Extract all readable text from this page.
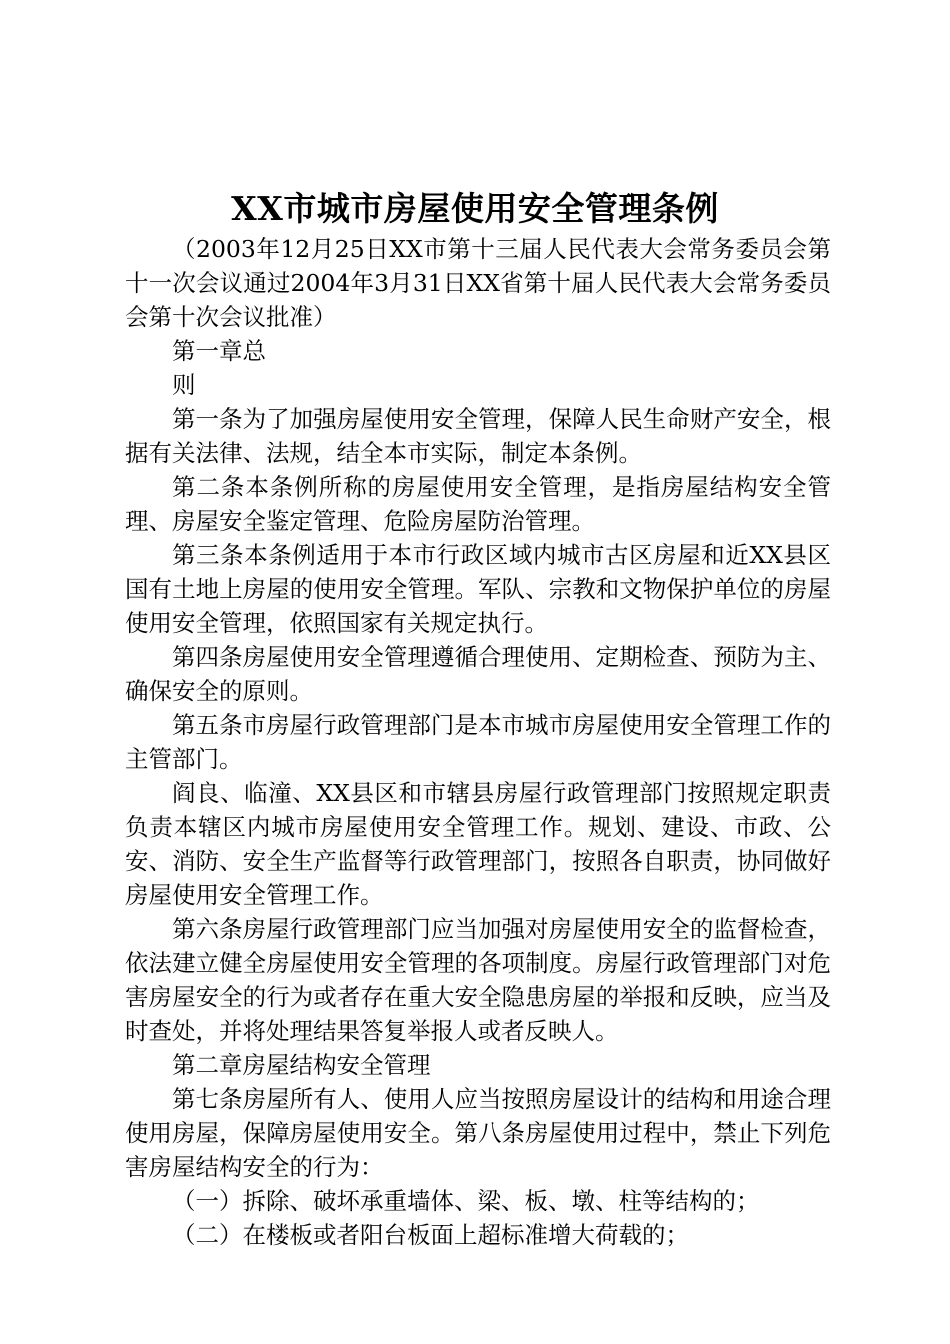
XX市城市房屋使用安全管理条例

（2003年12月25日XX市第十三届人民代表大会常务委员会第十一次会议通过2004年3月31日XX省第十届人民代表大会常务委员会第十次会议批准）

第一章总

则

第一条为了加强房屋使用安全管理，保障人民生命财产安全，根据有关法律、法规，结全本市实际，制定本条例。

第二条本条例所称的房屋使用安全管理，是指房屋结构安全管理、房屋安全鉴定管理、危险房屋防治管理。

第三条本条例适用于本市行政区域内城市古区房屋和近XX县区国有土地上房屋的使用安全管理。军队、宗教和文物保护单位的房屋使用安全管理，依照国家有关规定执行。

第四条房屋使用安全管理遵循合理使用、定期检查、预防为主、确保安全的原则。

第五条市房屋行政管理部门是本市城市房屋使用安全管理工作的主管部门。

阎良、临潼、XX县区和市辖县房屋行政管理部门按照规定职责负责本辖区内城市房屋使用安全管理工作。规划、建设、市政、公安、消防、安全生产监督等行政管理部门，按照各自职责，协同做好房屋使用安全管理工作。

第六条房屋行政管理部门应当加强对房屋使用安全的监督检查，依法建立健全房屋使用安全管理的各项制度。房屋行政管理部门对危害房屋安全的行为或者存在重大安全隐患房屋的举报和反映，应当及时查处，并将处理结果答复举报人或者反映人。

第二章房屋结构安全管理

第七条房屋所有人、使用人应当按照房屋设计的结构和用途合理使用房屋，保障房屋使用安全。第八条房屋使用过程中，禁止下列危害房屋结构安全的行为：

（一）拆除、破坏承重墙体、梁、板、墩、柱等结构的；

（二）在楼板或者阳台板面上超标准增大荷载的；
